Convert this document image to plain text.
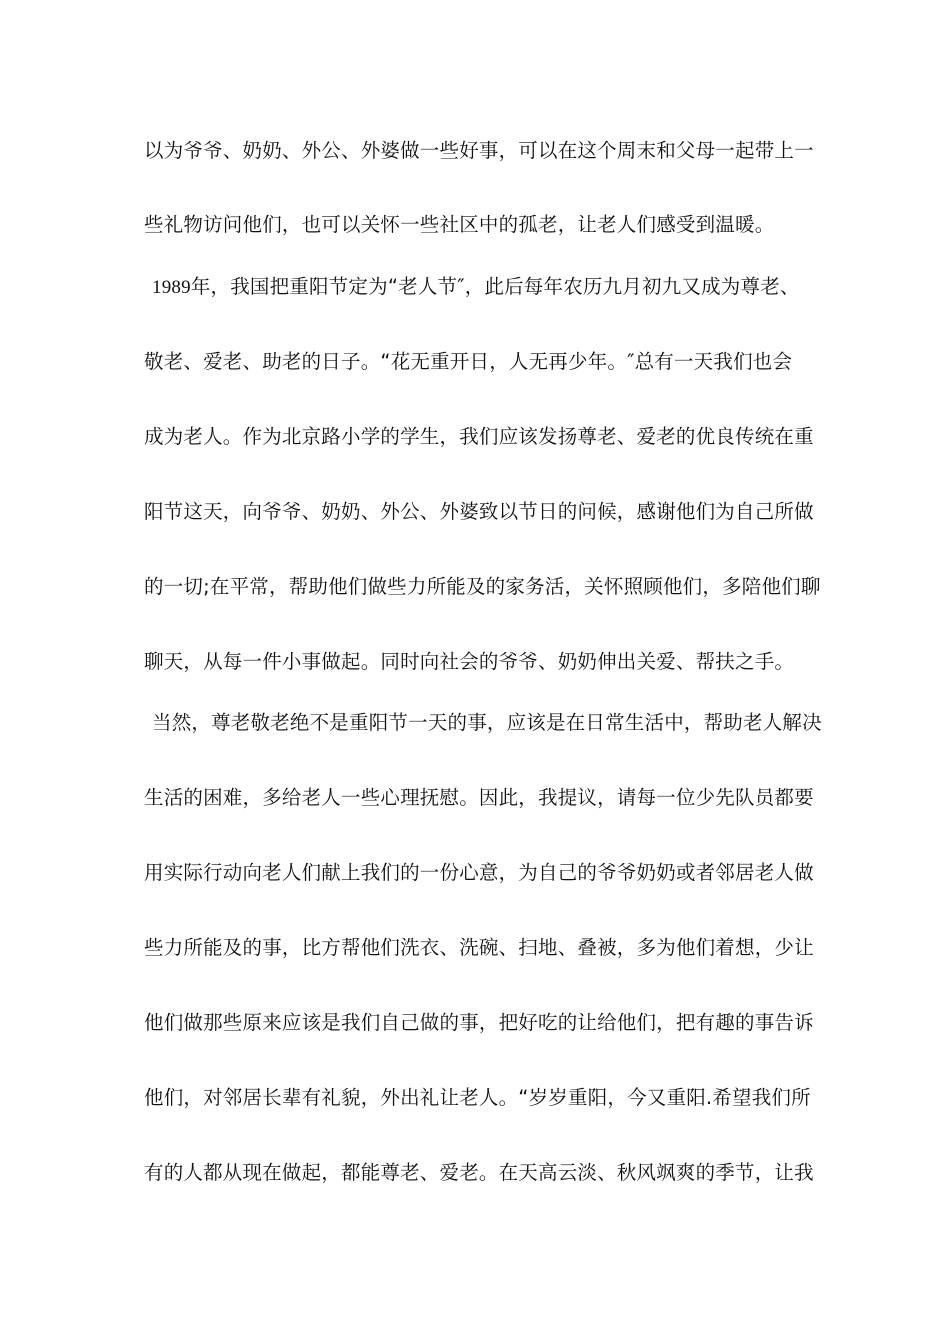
以为爷爷、奶奶、外公、外婆做一些好事，可以在这个周末和父母一起带上一
些礼物访问他们，也可以关怀一些社区中的孤老，让老人们感受到温暖。
1989年，我国把重阳节定为“老人节″，此后每年农历九月初九又成为尊老、
敬老、爱老、助老的日子。“花无重开日，人无再少年。″总有一天我们也会
成为老人。作为北京路小学的学生，我们应该发扬尊老、爱老的优良传统在重
阳节这天，向爷爷、奶奶、外公、外婆致以节日的问候，感谢他们为自己所做
的一切;在平常，帮助他们做些力所能及的家务活，关怀照顾他们，多陪他们聊
聊天，从每一件小事做起。同时向社会的爷爷、奶奶伸出关爱、帮扶之手。
当然，尊老敬老绝不是重阳节一天的事，应该是在日常生活中，帮助老人解决
生活的困难，多给老人一些心理抚慰。因此，我提议，请每一位少先队员都要
用实际行动向老人们献上我们的一份心意，为自己的爷爷奶奶或者邻居老人做
些力所能及的事，比方帮他们洗衣、洗碗、扫地、叠被，多为他们着想，少让
他们做那些原来应该是我们自己做的事，把好吃的让给他们，把有趣的事告诉
他们，对邻居长辈有礼貌，外出礼让老人。“岁岁重阳，今又重阳.希望我们所
有的人都从现在做起，都能尊老、爱老。在天高云淡、秋风飒爽的季节，让我
